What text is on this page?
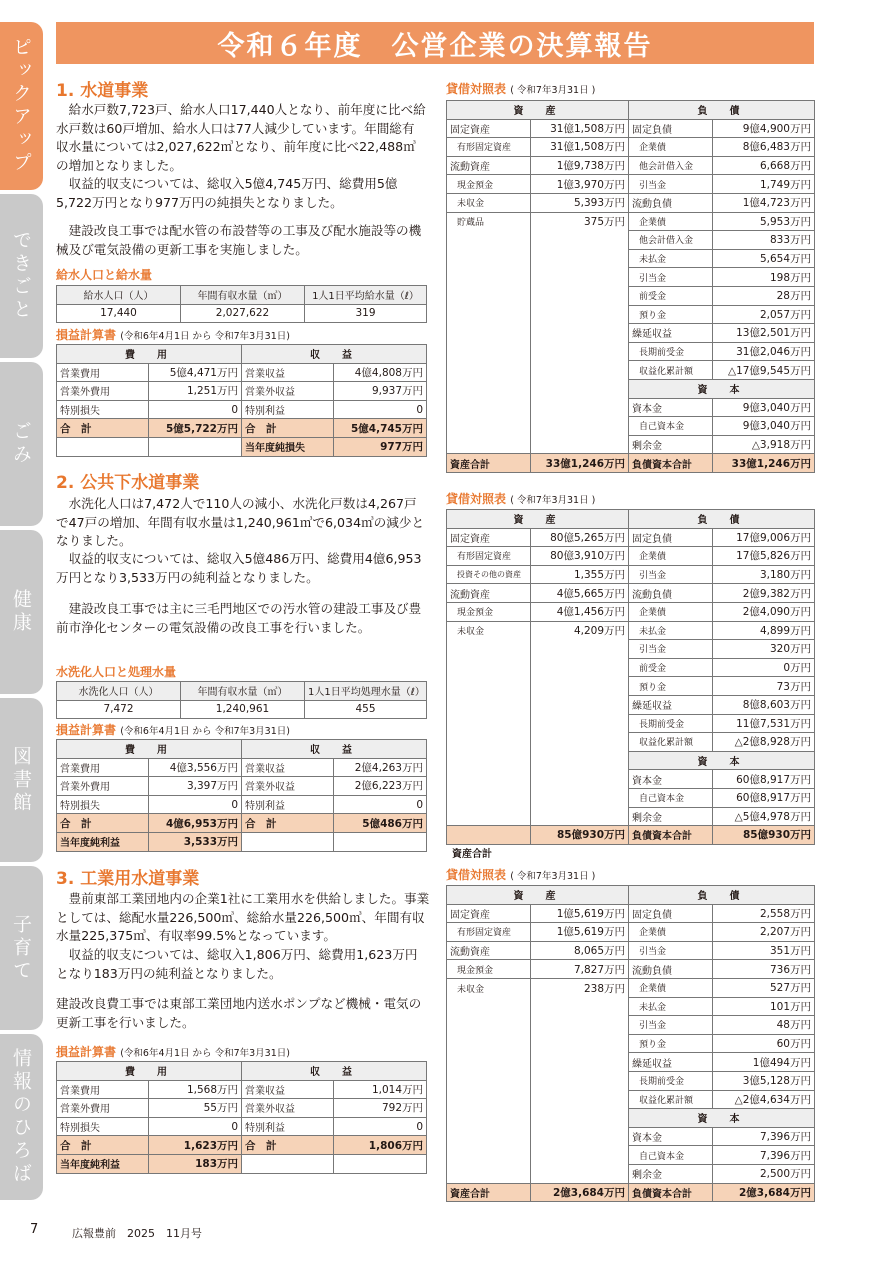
ピックアップ
できごと
ごみ
健康
図書館
子育て
情報のひろば
令和６年度　公営企業の決算報告
1. 水道事業
給水戸数7,723戸、給水人口17,440人となり、前年度に比べ給水戸数は60戸増加、給水人口は77人減少しています。年間総有収水量については2,027,622㎥となり、前年度に比べ22,488㎥の増加となりました。
収益的収支については、総収入5億4,745万円、総費用5億5,722万円となり977万円の純損失となりました。
建設改良工事では配水管の布設替等の工事及び配水施設等の機械及び電気設備の更新工事を実施しました。
給水人口と給水量
給水人口（人）	年間有収水量（㎥）	1人1日平均給水量（ℓ）
17,440	2,027,622	319
損益計算書 (令和6年4月1日 から 令和7年3月31日)
費　用		収　益	
営業費用	5億4,471万円	営業収益	4億4,808万円
営業外費用	1,251万円	営業外収益	9,937万円
特別損失	0	特別利益	0
合　計	5億5,722万円	合　計	5億4,745万円
		当年度純損失	977万円
2. 公共下水道事業
水洗化人口は7,472人で110人の減小、水洗化戸数は4,267戸で47戸の増加、年間有収水量は1,240,961㎥で6,034㎥の減少となりました。
収益的収支については、総収入5億486万円、総費用4億6,953万円となり3,533万円の純利益となりました。
建設改良工事では主に三毛門地区での汚水管の建設工事及び豊前市浄化センターの電気設備の改良工事を行いました。
水洗化人口と処理水量
水洗化人口（人）	年間有収水量（㎥）	1人1日平均処理水量（ℓ）
7,472	1,240,961	455
損益計算書 (令和6年4月1日 から 令和7年3月31日)
費　用		収　益	
営業費用	4億3,556万円	営業収益	2億4,263万円
営業外費用	3,397万円	営業外収益	2億6,223万円
特別損失	0	特別利益	0
合　計	4億6,953万円	合　計	5億486万円
当年度純利益	3,533万円		
3. 工業用水道事業
豊前東部工業団地内の企業1社に工業用水を供給しました。事業としては、総配水量226,500㎥、総給水量226,500㎥、年間有収水量225,375㎥、有収率99.5%となっています。
収益的収支については、総収入1,806万円、総費用1,623万円となり183万円の純利益となりました。
建設改良費工事では東部工業団地内送水ポンプなど機械・電気の更新工事を行いました。
損益計算書 (令和6年4月1日 から 令和7年3月31日)
費　用		収　益	
営業費用	1,568万円	営業収益	1,014万円
営業外費用	55万円	営業外収益	792万円
特別損失	0	特別利益	0
合　計	1,623万円	合　計	1,806万円
当年度純利益	183万円		
貸借対照表 ( 令和7年3月31日 )
資　産		負　債	
固定資産	31億1,508万円	固定負債	9億4,900万円
有形固定資産	31億1,508万円	企業債	8億6,483万円
流動資産	1億9,738万円	他会計借入金	6,668万円
現金預金	1億3,970万円	引当金	1,749万円
未収金	5,393万円	流動負債	1億4,723万円
貯蔵品	375万円	企業債	5,953万円
		他会計借入金	833万円
		未払金	5,654万円
		引当金	198万円
		前受金	28万円
		預り金	2,057万円
		繰延収益	13億2,501万円
		長期前受金	31億2,046万円
		収益化累計額	△17億9,545万円
		資　本	
		資本金	9億3,040万円
		自己資本金	9億3,040万円
		剰余金	△3,918万円
資産合計	33億1,246万円	負債資本合計	33億1,246万円
貸借対照表 ( 令和7年3月31日 )
資　産		負　債	
固定資産	80億5,265万円	固定負債	17億9,006万円
有形固定資産	80億3,910万円	企業債	17億5,826万円
投資その他の資産	1,355万円	引当金	3,180万円
流動資産	4億5,665万円	流動負債	2億9,382万円
現金預金	4億1,456万円	企業債	2億4,090万円
未収金	4,209万円	未払金	4,899万円
		引当金	320万円
		前受金	0万円
		預り金	73万円
		繰延収益	8億8,603万円
		長期前受金	11億7,531万円
		収益化累計額	△2億8,928万円
		資　本	
		資本金	60億8,917万円
		自己資本金	60億8,917万円
		剰余金	△5億4,978万円
	85億930万円	負債資本合計	85億930万円
資産合計
貸借対照表 ( 令和7年3月31日 )
資　産		負　債	
固定資産	1億5,619万円	固定負債	2,558万円
有形固定資産	1億5,619万円	企業債	2,207万円
流動資産	8,065万円	引当金	351万円
現金預金	7,827万円	流動負債	736万円
未収金	238万円	企業債	527万円
		未払金	101万円
		引当金	48万円
		預り金	60万円
		繰延収益	1億494万円
		長期前受金	3億5,128万円
		収益化累計額	△2億4,634万円
		資　本	
		資本金	7,396万円
		自己資本金	7,396万円
		剰余金	2,500万円
資産合計	2億3,684万円	負債資本合計	2億3,684万円
7	広報豊前　2025　11月号
